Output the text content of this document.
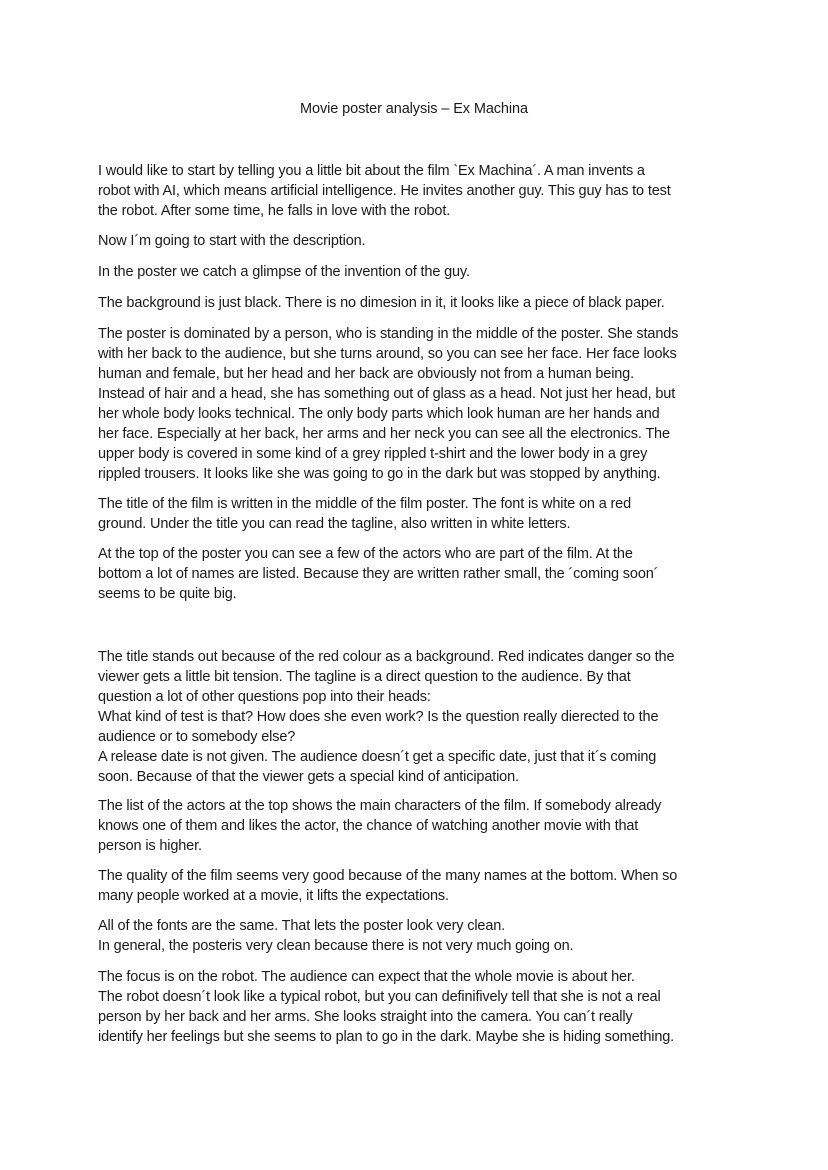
Movie poster analysis – Ex Machina
I would like to start by telling you a little bit about the film `Ex Machina´. A man invents a
robot with AI, which means artificial intelligence. He invites another guy. This guy has to test
the robot. After some time, he falls in love with the robot.
Now I´m going to start with the description.
In the poster we catch a glimpse of the invention of the guy.
The background is just black. There is no dimesion in it, it looks like a piece of black paper.
The poster is dominated by a person, who is standing in the middle of the poster. She stands
with her back to the audience, but she turns around, so you can see her face. Her face looks
human and female, but her head and her back are obviously not from a human being.
Instead of hair and a head, she has something out of glass as a head. Not just her head, but
her whole body looks technical. The only body parts which look human are her hands and
her face. Especially at her back, her arms and her neck you can see all the electronics. The
upper body is covered in some kind of a grey rippled t-shirt and the lower body in a grey
rippled trousers. It looks like she was going to go in the dark but was stopped by anything.
The title of the film is written in the middle of the film poster. The font is white on a red
ground. Under the title you can read the tagline, also written in white letters.
At the top of the poster you can see a few of the actors who are part of the film. At the
bottom a lot of names are listed. Because they are written rather small, the ´coming soon´
seems to be quite big.
The title stands out because of the red colour as a background. Red indicates danger so the
viewer gets a little bit tension. The tagline is a direct question to the audience. By that
question a lot of other questions pop into their heads:
What kind of test is that? How does she even work? Is the question really dierected to the
audience or to somebody else?
A release date is not given. The audience doesn´t get a specific date, just that it´s coming
soon. Because of that the viewer gets a special kind of anticipation.
The list of the actors at the top shows the main characters of the film. If somebody already
knows one of them and likes the actor, the chance of watching another movie with that
person is higher.
The quality of the film seems very good because of the many names at the bottom. When so
many people worked at a movie, it lifts the expectations.
All of the fonts are the same. That lets the poster look very clean.
In general, the posteris very clean because there is not very much going on.
The focus is on the robot. The audience can expect that the whole movie is about her.
The robot doesn´t look like a typical robot, but you can definifively tell that she is not a real
person by her back and her arms. She looks straight into the camera. You can´t really
identify her feelings but she seems to plan to go in the dark. Maybe she is hiding something.
